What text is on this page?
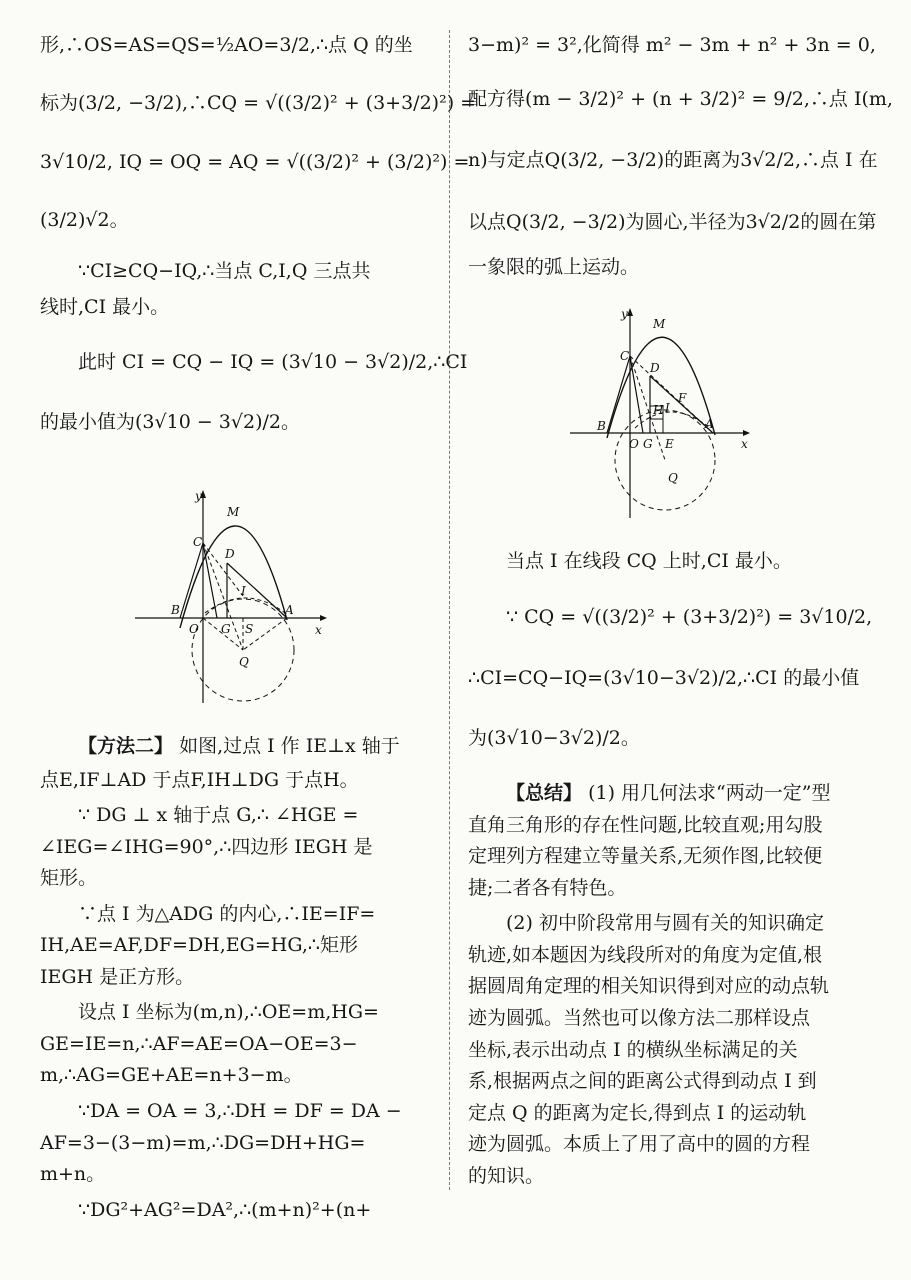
形,∴OS=AS=QS=½AO=3/2,∴点 Q 的坐

标为(3/2, −3/2),∴CQ = √((3/2)² + (3+3/2)²) =

3√10/2, IQ = OQ = AQ = √((3/2)² + (3/2)²) =

(3/2)√2。

∵CI≥CQ−IQ,∴当点 C,I,Q 三点共

线时,CI 最小。

此时 CI = CQ − IQ = (3√10 − 3√2)/2,∴CI

的最小值为(3√10 − 3√2)/2。

y
M
C
D
I
B
O G S
A
x
Q

【方法二】 如图,过点 I 作 IE⊥x 轴于

点E,IF⊥AD 于点F,IH⊥DG 于点H。

∵ DG ⊥ x 轴于点 G,∴ ∠HGE =

∠IEG=∠IHG=90°,∴四边形 IEGH 是

矩形。

∵点 I 为△ADG 的内心,∴IE=IF=

IH,AE=AF,DF=DH,EG=HG,∴矩形

IEGH 是正方形。

设点 I 坐标为(m,n),∴OE=m,HG=

GE=IE=n,∴AF=AE=OA−OE=3−

m,∴AG=GE+AE=n+3−m。

∵DA = OA = 3,∴DH = DF = DA −

AF=3−(3−m)=m,∴DG=DH+HG=

m+n。

∵DG²+AG²=DA²,∴(m+n)²+(n+

3−m)² = 3²,化简得 m² − 3m + n² + 3n = 0,

配方得(m − 3/2)² + (n + 3/2)² = 9/2,∴点 I(m,

n)与定点Q(3/2, −3/2)的距离为3√2/2,∴点 I 在

以点Q(3/2, −3/2)为圆心,半径为3√2/2的圆在第

一象限的弧上运动。

y
M
C
D
H I
F
B
O G E
A
x
Q

当点 I 在线段 CQ 上时,CI 最小。

∵ CQ = √((3/2)² + (3+3/2)²) = 3√10/2,

∴CI=CQ−IQ=(3√10−3√2)/2,∴CI 的最小值

为(3√10−3√2)/2。

【总结】 (1) 用几何法求“两动一定”型

直角三角形的存在性问题,比较直观;用勾股

定理列方程建立等量关系,无须作图,比较便

捷;二者各有特色。

(2) 初中阶段常用与圆有关的知识确定

轨迹,如本题因为线段所对的角度为定值,根

据圆周角定理的相关知识得到对应的动点轨

迹为圆弧。当然也可以像方法二那样设点

坐标,表示出动点 I 的横纵坐标满足的关

系,根据两点之间的距离公式得到动点 I 到

定点 Q 的距离为定长,得到点 I 的运动轨

迹为圆弧。本质上了用了高中的圆的方程

的知识。
